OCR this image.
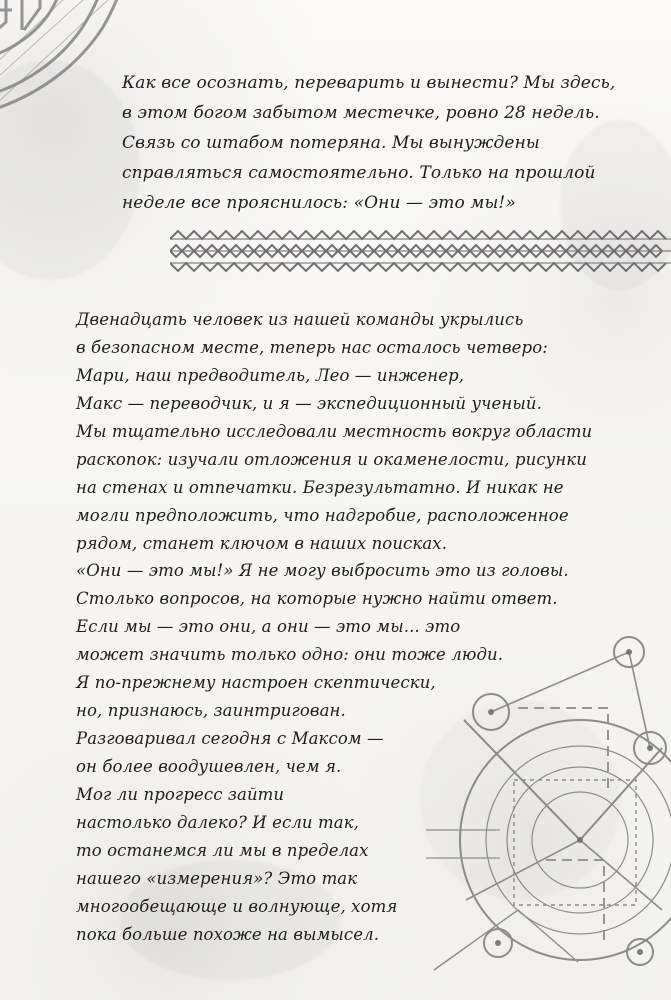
Как все осознать, переварить и вынести? Мы здесь,
в этом богом забытом местечке, ровно 28 недель.
Связь со штабом потеряна. Мы вынуждены
справляться самостоятельно. Только на прошлой
неделе все прояснилось: «Они — это мы!»
Двенадцать человек из нашей команды укрылись
в безопасном месте, теперь нас осталось четверо:
Мари, наш предводитель, Лео — инженер,
Макс — переводчик, и я — экспедиционный ученый.
Мы тщательно исследовали местность вокруг области
раскопок: изучали отложения и окаменелости, рисунки
на стенах и отпечатки. Безрезультатно. И никак не
могли предположить, что надгробие, расположенное
рядом, станет ключом в наших поисках.
«Они — это мы!» Я не могу выбросить это из головы.
Столько вопросов, на которые нужно найти ответ.
Если мы — это они, а они — это мы... это
может значить только одно: они тоже люди.
Я по-прежнему настроен скептически,
но, признаюсь, заинтригован.
Разговаривал сегодня с Максом —
он более воодушевлен, чем я.
Мог ли прогресс зайти
настолько далеко? И если так,
то останемся ли мы в пределах
нашего «измерения»? Это так
многообещающе и волнующе, хотя
пока больше похоже на вымысел.
